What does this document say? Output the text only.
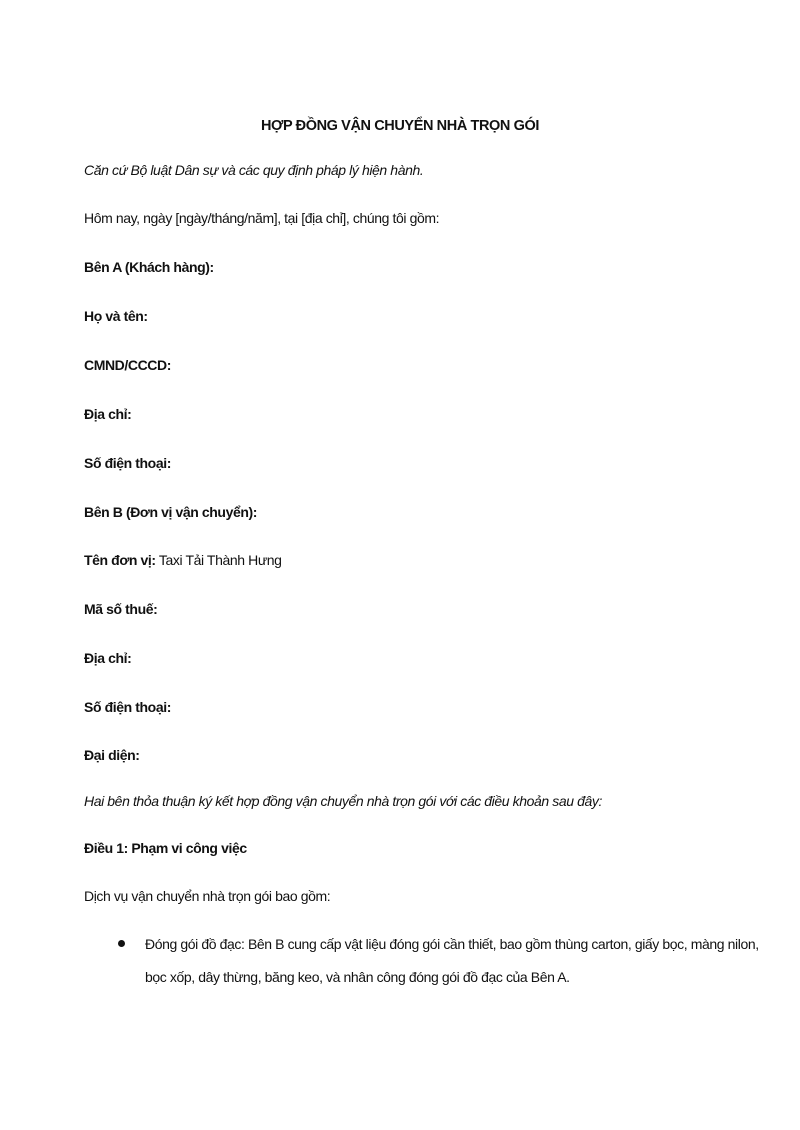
HỢP ĐỒNG VẬN CHUYỂN NHÀ TRỌN GÓI
Căn cứ Bộ luật Dân sự và các quy định pháp lý hiện hành.
Hôm nay, ngày [ngày/tháng/năm], tại [địa chỉ], chúng tôi gồm:
Bên A (Khách hàng):
Họ và tên:
CMND/CCCD:
Địa chỉ:
Số điện thoại:
Bên B (Đơn vị vận chuyển):
Tên đơn vị: Taxi Tải Thành Hưng
Mã số thuế:
Địa chỉ:
Số điện thoại:
Đại diện:
Hai bên thỏa thuận ký kết hợp đồng vận chuyển nhà trọn gói với các điều khoản sau đây:
Điều 1: Phạm vi công việc
Dịch vụ vận chuyển nhà trọn gói bao gồm:
Đóng gói đồ đạc: Bên B cung cấp vật liệu đóng gói cần thiết, bao gồm thùng carton, giấy bọc, màng nilon,
bọc xốp, dây thừng, băng keo, và nhân công đóng gói đồ đạc của Bên A.
